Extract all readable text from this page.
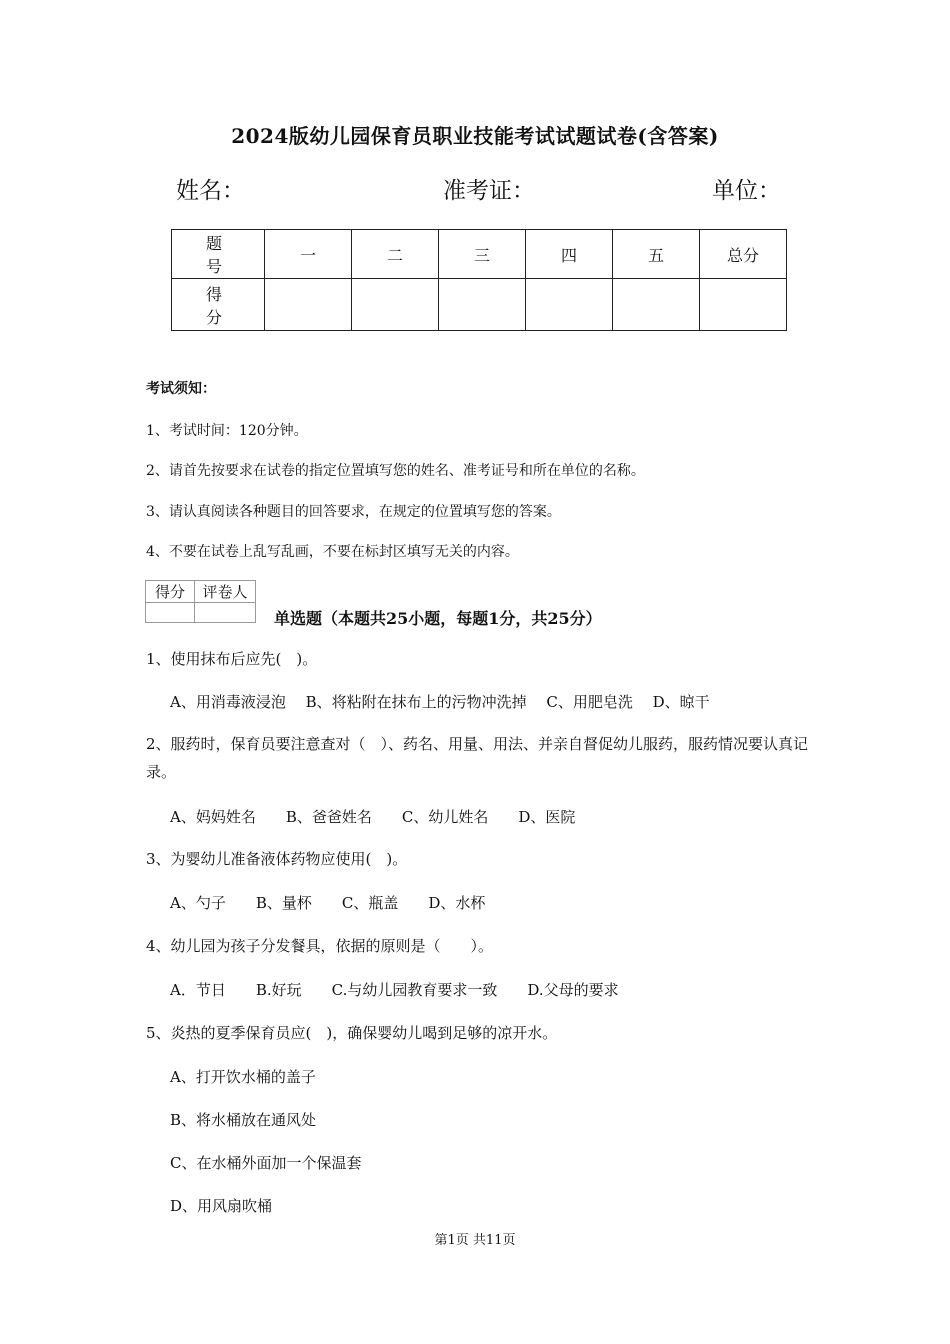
2024版幼儿园保育员职业技能考试试题试卷(含答案)
姓名：	准考证：	单位：
题　号	一	二	三	四	五	总分
得　分						
考试须知：
1、考试时间：120分钟。
2、请首先按要求在试卷的指定位置填写您的姓名、准考证号和所在单位的名称。
3、请认真阅读各种题目的回答要求，在规定的位置填写您的答案。
4、不要在试卷上乱写乱画，不要在标封区填写无关的内容。
得分	评卷人

单选题（本题共25小题，每题1分，共25分）
1、使用抹布后应先(　)。
A、用消毒液浸泡　 B、将粘附在抹布上的污物冲洗掉　 C、用肥皂洗　 D、晾干
2、服药时，保育员要注意查对（　）、药名、用量、用法、并亲自督促幼儿服药，服药情况要认真记录。
A、妈妈姓名　　B、爸爸姓名　　C、幼儿姓名　　D、医院
3、为婴幼儿准备液体药物应使用(　)。
A、勺子　　B、量杯　　C、瓶盖　　D、水杯
4、幼儿园为孩子分发餐具，依据的原则是（　　）。
A．节日　　B.好玩　　C.与幼儿园教育要求一致　　D.父母的要求
5、炎热的夏季保育员应(　)，确保婴幼儿喝到足够的凉开水。
A、打开饮水桶的盖子
B、将水桶放在通风处
C、在水桶外面加一个保温套
D、用风扇吹桶
第1页 共11页
